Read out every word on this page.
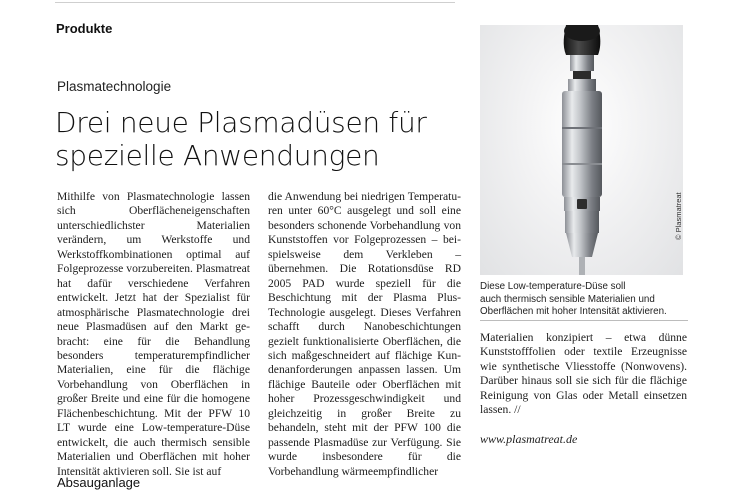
Produkte
Plasmatechnologie
Drei neue Plasmadüsen für
spezielle Anwendungen

Mithilfe von Plasmatechnologie lassen sich Oberflächeneigenschaften unterschiedlichster Materialien verändern, um Werkstoffe und Werkstoffkombinationen optimal auf Folgeprozesse vorzubereiten. Plasmatreat hat dafür verschiedene Verfahren entwickelt. Jetzt hat der Spezialist für atmosphärische Plasmatechnologie drei neue Plasmadüsen auf den Markt gebracht: eine für die Behandlung besonders temperaturempfindlicher Materialien, eine für die flächige Vorbehandlung von Oberflächen in großer Breite und eine für die homogene Flächenbeschichtung. Mit der PFW 10 LT wurde eine Low-temperature-Düse entwickelt, die auch thermisch sensible Materialien und Oberflächen mit hoher Intensität aktivieren soll. Sie ist auf

die Anwendung bei niedrigen Temperaturen unter 60°C ausgelegt und soll eine besonders schonende Vorbehandlung von Kunststoffen vor Folgeprozessen – beispielsweise dem Verkleben – übernehmen. Die Rotationsdüse RD 2005 PAD wurde speziell für die Beschichtung mit der Plasma Plus-Technologie ausgelegt. Dieses Verfahren schafft durch Nanobeschichtungen gezielt funktionalisierte Oberflächen, die sich maßgeschneidert auf flächige Kundenanforderungen anpassen lassen. Um flächige Bauteile oder Oberflächen mit hoher Prozessgeschwindigkeit und gleichzeitig in großer Breite zu behandeln, steht mit der PFW 100 die passende Plasmadüse zur Verfügung. Sie wurde insbesondere für die Vorbehandlung wärmeempfindlicher

© Plasmatreat
Diese Low-temperature-Düse soll
auch thermisch sensible Materialien und
Oberflächen mit hoher Intensität aktivieren.

Materialien konzipiert – etwa dünne Kunststofffolien oder textile Erzeugnisse wie synthetische Vliesstoffe (Nonwovens). Darüber hinaus soll sie sich für die flächige Reinigung von Glas oder Metall einsetzen lassen. //

www.plasmatreat.de
Absauganlage
